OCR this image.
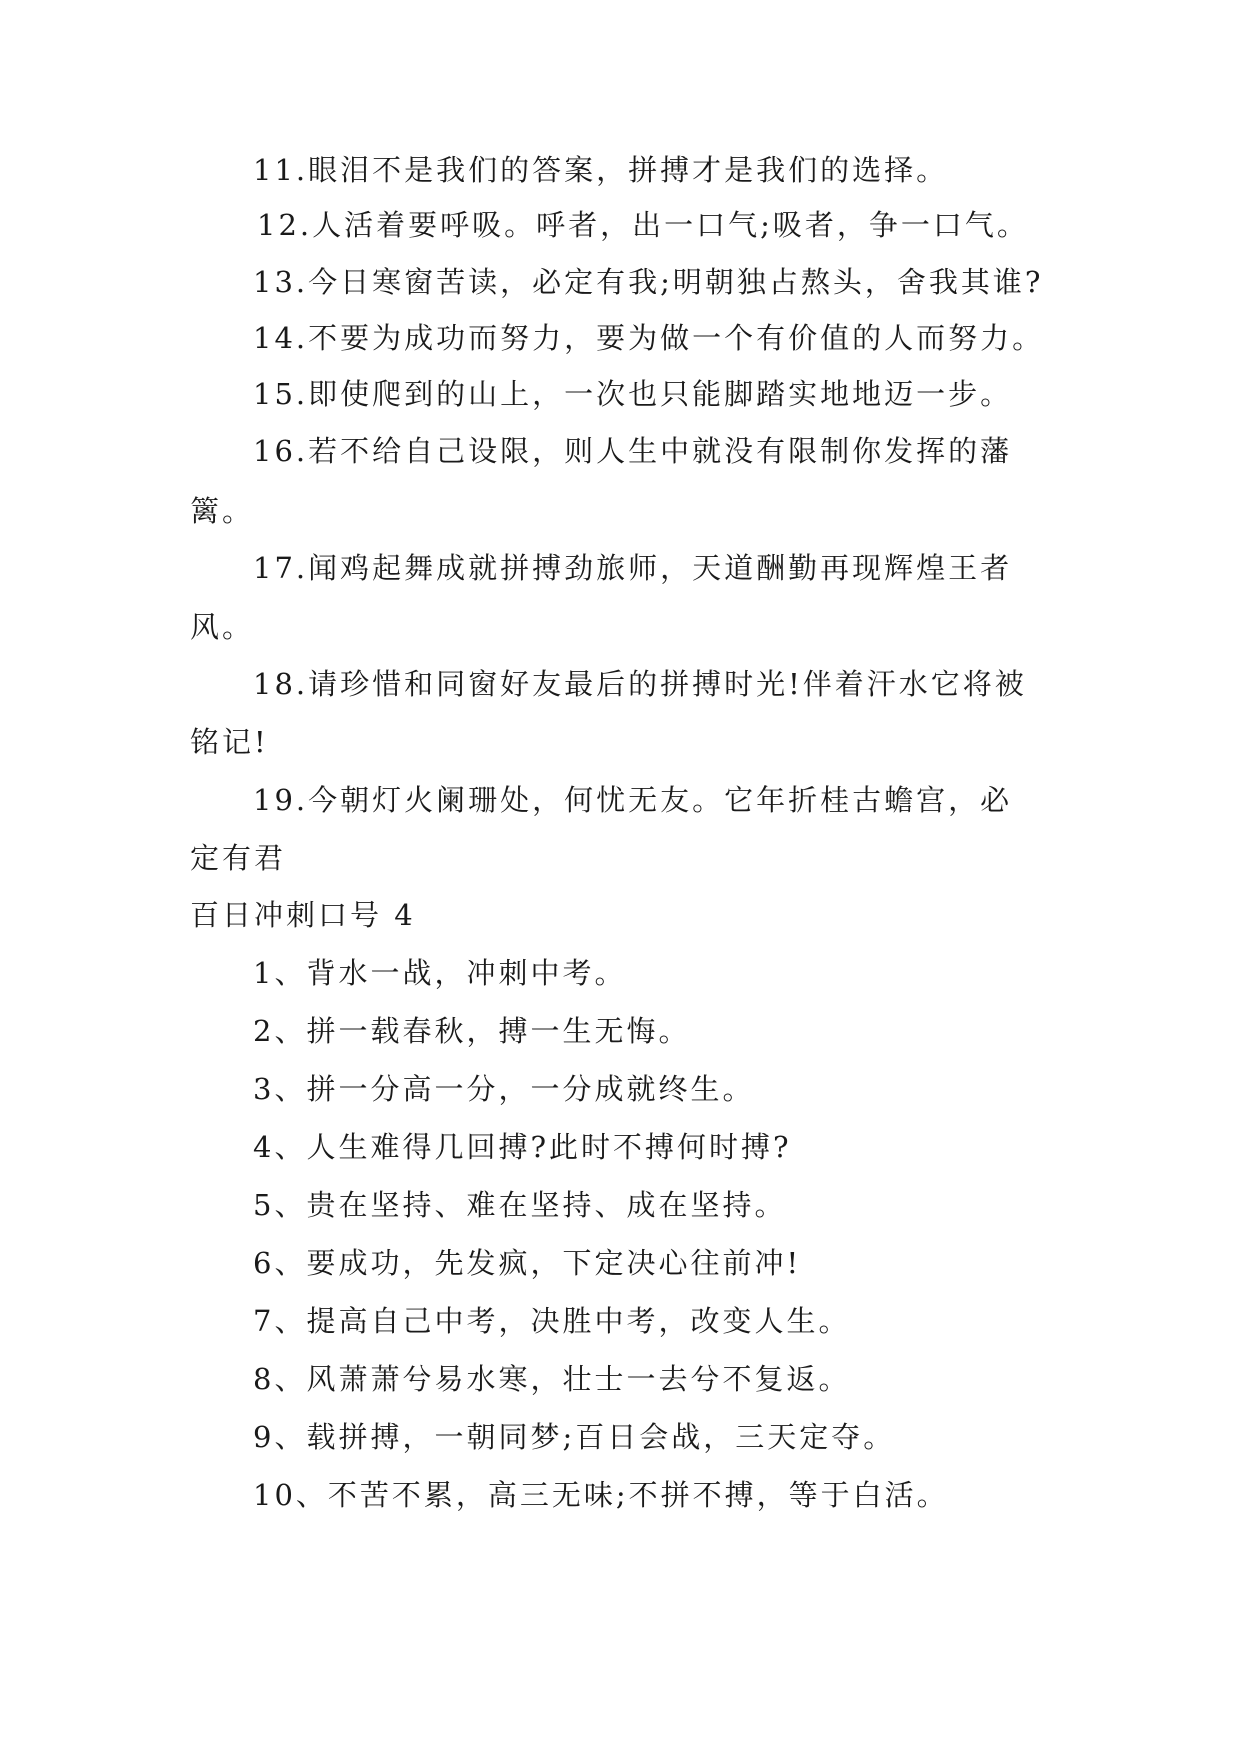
11.眼泪不是我们的答案，拼搏才是我们的选择。
12.人活着要呼吸。呼者，出一口气;吸者，争一口气。
13.今日寒窗苦读，必定有我;明朝独占熬头，舍我其谁?
14.不要为成功而努力，要为做一个有价值的人而努力。
15.即使爬到的山上，一次也只能脚踏实地地迈一步。
16.若不给自己设限，则人生中就没有限制你发挥的藩
篱。
17.闻鸡起舞成就拼搏劲旅师，天道酬勤再现辉煌王者
风。
18.请珍惜和同窗好友最后的拼搏时光!伴着汗水它将被
铭记!
19.今朝灯火阑珊处，何忧无友。它年折桂古蟾宫，必
定有君
百日冲刺口号 4
1、背水一战，冲刺中考。
2、拼一载春秋，搏一生无悔。
3、拼一分高一分，一分成就终生。
4、人生难得几回搏?此时不搏何时搏?
5、贵在坚持、难在坚持、成在坚持。
6、要成功，先发疯，下定决心往前冲!
7、提高自己中考，决胜中考，改变人生。
8、风萧萧兮易水寒，壮士一去兮不复返。
9、载拼搏，一朝同梦;百日会战，三天定夺。
10、不苦不累，高三无味;不拼不搏，等于白活。
